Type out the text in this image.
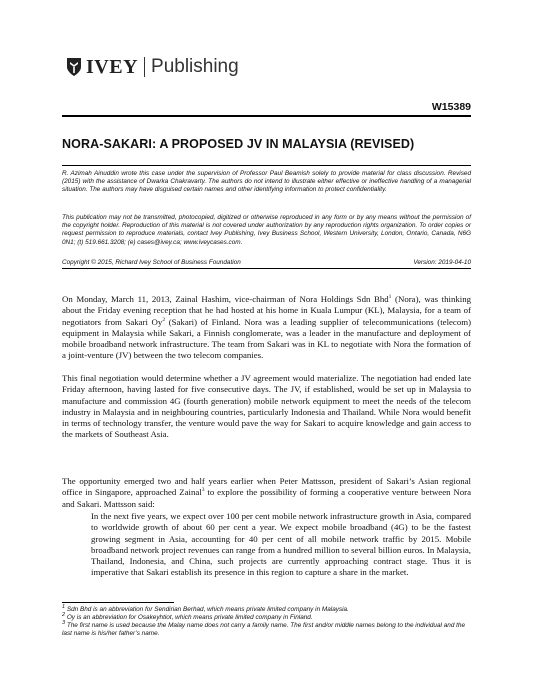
IVEY Publishing
W15389
NORA-SAKARI: A PROPOSED JV IN MALAYSIA (REVISED)

R. Azimah Ainuddin wrote this case under the supervision of Professor Paul Beamish solely to provide material for class discussion. Revised (2015) with the assistance of Dwarka Chakravarty. The authors do not intend to illustrate either effective or ineffective handling of a managerial situation. The authors may have disguised certain names and other identifying information to protect confidentiality.

This publication may not be transmitted, photocopied, digitized or otherwise reproduced in any form or by any means without the permission of the copyright holder. Reproduction of this material is not covered under authorization by any reproduction rights organization. To order copies or request permission to reproduce materials, contact Ivey Publishing, Ivey Business School, Western University, London, Ontario, Canada, N6G 0N1; (t) 519.661.3208; (e) cases@ivey.ca; www.iveycases.com.

Copyright © 2015, Richard Ivey School of Business Foundation	Version: 2019-04-10

On Monday, March 11, 2013, Zainal Hashim, vice-chairman of Nora Holdings Sdn Bhd$^1$ (Nora), was thinking about the Friday evening reception that he had hosted at his home in Kuala Lumpur (KL), Malaysia, for a team of negotiators from Sakari Oy$^2$ (Sakari) of Finland. Nora was a leading supplier of telecommunications (telecom) equipment in Malaysia while Sakari, a Finnish conglomerate, was a leader in the manufacture and deployment of mobile broadband network infrastructure. The team from Sakari was in KL to negotiate with Nora the formation of a joint-venture (JV) between the two telecom companies.

This final negotiation would determine whether a JV agreement would materialize. The negotiation had ended late Friday afternoon, having lasted for five consecutive days. The JV, if established, would be set up in Malaysia to manufacture and commission 4G (fourth generation) mobile network equipment to meet the needs of the telecom industry in Malaysia and in neighbouring countries, particularly Indonesia and Thailand. While Nora would benefit in terms of technology transfer, the venture would pave the way for Sakari to acquire knowledge and gain access to the markets of Southeast Asia.

The opportunity emerged two and half years earlier when Peter Mattsson, president of Sakari’s Asian regional office in Singapore, approached Zainal$^3$ to explore the possibility of forming a cooperative venture between Nora and Sakari. Mattsson said:

In the next five years, we expect over 100 per cent mobile network infrastructure growth in Asia, compared to worldwide growth of about 60 per cent a year. We expect mobile broadband (4G) to be the fastest growing segment in Asia, accounting for 40 per cent of all mobile network traffic by 2015. Mobile broadband network project revenues can range from a hundred million to several billion euros. In Malaysia, Thailand, Indonesia, and China, such projects are currently approaching contract stage. Thus it is imperative that Sakari establish its presence in this region to capture a share in the market.

$^1$ Sdn Bhd is an abbreviation for Sendirian Berhad, which means private limited company in Malaysia.

$^2$ Oy is an abbreviation for Osakeyhtiot, which means private limited company in Finland.

$^3$ The first name is used because the Malay name does not carry a family name. The first and/or middle names belong to the individual and the last name is his/her father’s name.
